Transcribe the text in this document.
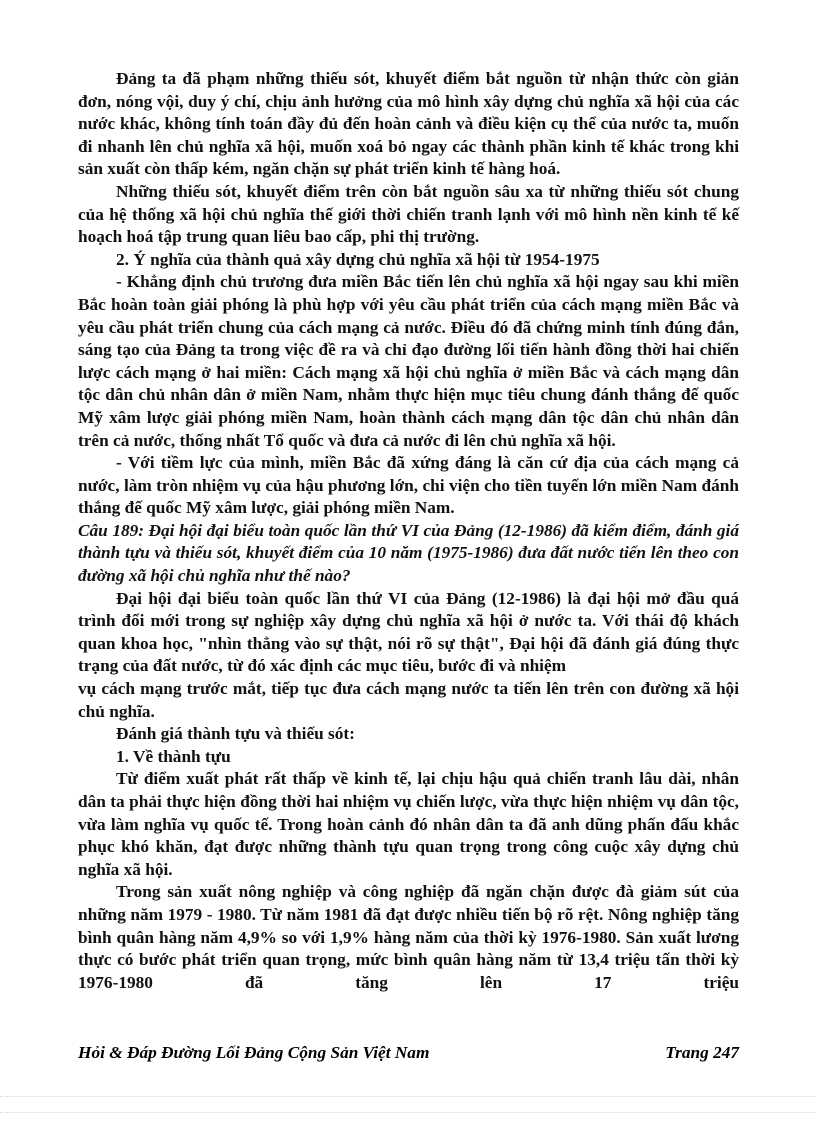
Đảng ta đã phạm những thiếu sót, khuyết điểm bắt nguồn từ nhận thức còn giản đơn, nóng vội, duy ý chí, chịu ảnh hưởng của mô hình xây dựng chủ nghĩa xã hội của các nước khác, không tính toán đầy đủ đến hoàn cảnh và điều kiện cụ thể của nước ta, muốn đi nhanh lên chủ nghĩa xã hội, muốn xoá bỏ ngay các thành phần kinh tế khác trong khi sản xuất còn thấp kém, ngăn chặn sự phát triển kinh tế hàng hoá.

Những thiếu sót, khuyết điểm trên còn bắt nguồn sâu xa từ những thiếu sót chung của hệ thống xã hội chủ nghĩa thế giới thời chiến tranh lạnh với mô hình nền kinh tế kế hoạch hoá tập trung quan liêu bao cấp, phi thị trường.

2. Ý nghĩa của thành quả xây dựng chủ nghĩa xã hội từ 1954-1975

- Khẳng định chủ trương đưa miền Bắc tiến lên chủ nghĩa xã hội ngay sau khi miền Bắc hoàn toàn giải phóng là phù hợp với yêu cầu phát triển của cách mạng miền Bắc và yêu cầu phát triển chung của cách mạng cả nước. Điều đó đã chứng minh tính đúng đắn, sáng tạo của Đảng ta trong việc đề ra và chỉ đạo đường lối tiến hành đồng thời hai chiến lược cách mạng ở hai miền: Cách mạng xã hội chủ nghĩa ở miền Bắc và cách mạng dân tộc dân chủ nhân dân ở miền Nam, nhằm thực hiện mục tiêu chung đánh thắng đế quốc Mỹ xâm lược giải phóng miền Nam, hoàn thành cách mạng dân tộc dân chủ nhân dân trên cả nước, thống nhất Tổ quốc và đưa cả nước đi lên chủ nghĩa xã hội.

- Với tiềm lực của mình, miền Bắc đã xứng đáng là căn cứ địa của cách mạng cả nước, làm tròn nhiệm vụ của hậu phương lớn, chi viện cho tiền tuyến lớn miền Nam đánh thắng đế quốc Mỹ xâm lược, giải phóng miền Nam.

Câu 189: Đại hội đại biểu toàn quốc lần thứ VI của Đảng (12-1986) đã kiểm điểm, đánh giá thành tựu và thiếu sót, khuyết điểm của 10 năm (1975-1986) đưa đất nước tiến lên theo con đường xã hội chủ nghĩa như thế nào?

Đại hội đại biểu toàn quốc lần thứ VI của Đảng (12-1986) là đại hội mở đầu quá trình đổi mới trong sự nghiệp xây dựng chủ nghĩa xã hội ở nước ta. Với thái độ khách quan khoa học, "nhìn thẳng vào sự thật, nói rõ sự thật", Đại hội đã đánh giá đúng thực trạng của đất nước, từ đó xác định các mục tiêu, bước đi và nhiệm

vụ cách mạng trước mắt, tiếp tục đưa cách mạng nước ta tiến lên trên con đường xã hội chủ nghĩa.

Đánh giá thành tựu và thiếu sót:

1. Về thành tựu

Từ điểm xuất phát rất thấp về kinh tế, lại chịu hậu quả chiến tranh lâu dài, nhân dân ta phải thực hiện đồng thời hai nhiệm vụ chiến lược, vừa thực hiện nhiệm vụ dân tộc, vừa làm nghĩa vụ quốc tế. Trong hoàn cảnh đó nhân dân ta đã anh dũng phấn đấu khắc phục khó khăn, đạt được những thành tựu quan trọng trong công cuộc xây dựng chủ nghĩa xã hội.

Trong sản xuất nông nghiệp và công nghiệp đã ngăn chặn được đà giảm sút của những năm 1979 - 1980. Từ năm 1981 đã đạt được nhiều tiến bộ rõ rệt. Nông nghiệp tăng bình quân hàng năm 4,9% so với 1,9% hàng năm của thời kỳ 1976-1980. Sản xuất lương thực có bước phát triển quan trọng, mức bình quân hàng năm từ 13,4 triệu tấn thời kỳ 1976-1980 đã tăng lên 17 triệu

Hỏi & Đáp Đường Lối Đảng Cộng Sản Việt Nam	Trang 247
